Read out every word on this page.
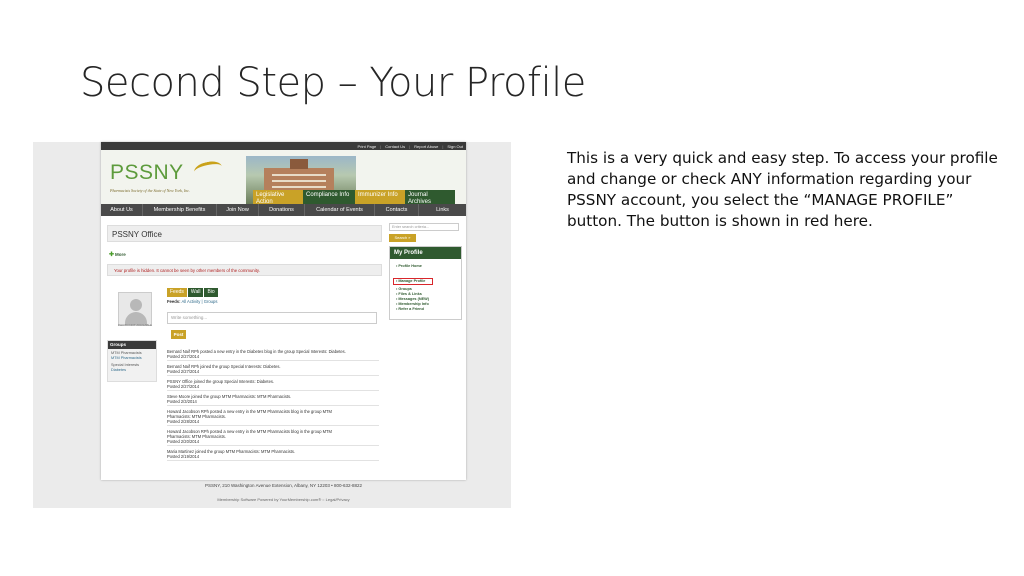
Second Step – Your Profile
This is a very quick and easy step. To access your profile and change or check ANY information regarding your PSSNY account, you select the “MANAGE PROFILE” button. The button is shown in red here.
Print Page | Contact Us | Report Abuse | Sign Out
PSSNY
Pharmacists Society of the State of New York, Inc.
Legislative Action
Compliance Info	Immunizer Info	Journal Archives
About Us	Membership Benefits	Join Now	Donations	Calendar of Events	Contacts	Links
PSSNY Office
✚More
Your profile is hidden. It cannot be seen by other members of the community.
PHOTO NOT AVAILABLE
Groups
MTM Pharmacists
MTM Pharmacists
Special Interests
Diabetes
Feeds	Wall	Bio
Feeds: All Activity | Groups
Write something...
Post
Bernard Naif RPh posted a new entry in the Diabetes blog in the group Special Interests: Diabetes.
Posted 2/27/2014
Bernard Naif RPh joined the group Special Interests: Diabetes.
Posted 2/27/2014
PSSNY Office joined the group Special Interests: Diabetes.
Posted 2/27/2014
Steve Moore joined the group MTM Pharmacists: MTM Pharmacists.
Posted 2/3/2014
Howard Jacobson RPh posted a new entry in the MTM Pharmacists blog in the group MTM
Pharmacists: MTM Pharmacists.
Posted 2/28/2014
Howard Jacobson RPh posted a new entry in the MTM Pharmacists blog in the group MTM
Pharmacists: MTM Pharmacists.
Posted 2/20/2014
Maria Martinez joined the group MTM Pharmacists: MTM Pharmacists.
Posted 2/19/2014
Enter search criteria...
Search »
My Profile
• Profile Home
• Manage Profile
• Groups
• Files & Links
• Messages (NEW)
• Membership Info
• Refer a Friend
PSSNY, 210 Washington Avenue Extension, Albany, NY 12203 • 800-632-8822
Membership Software Powered by YourMembership.com® :: Legal/Privacy
